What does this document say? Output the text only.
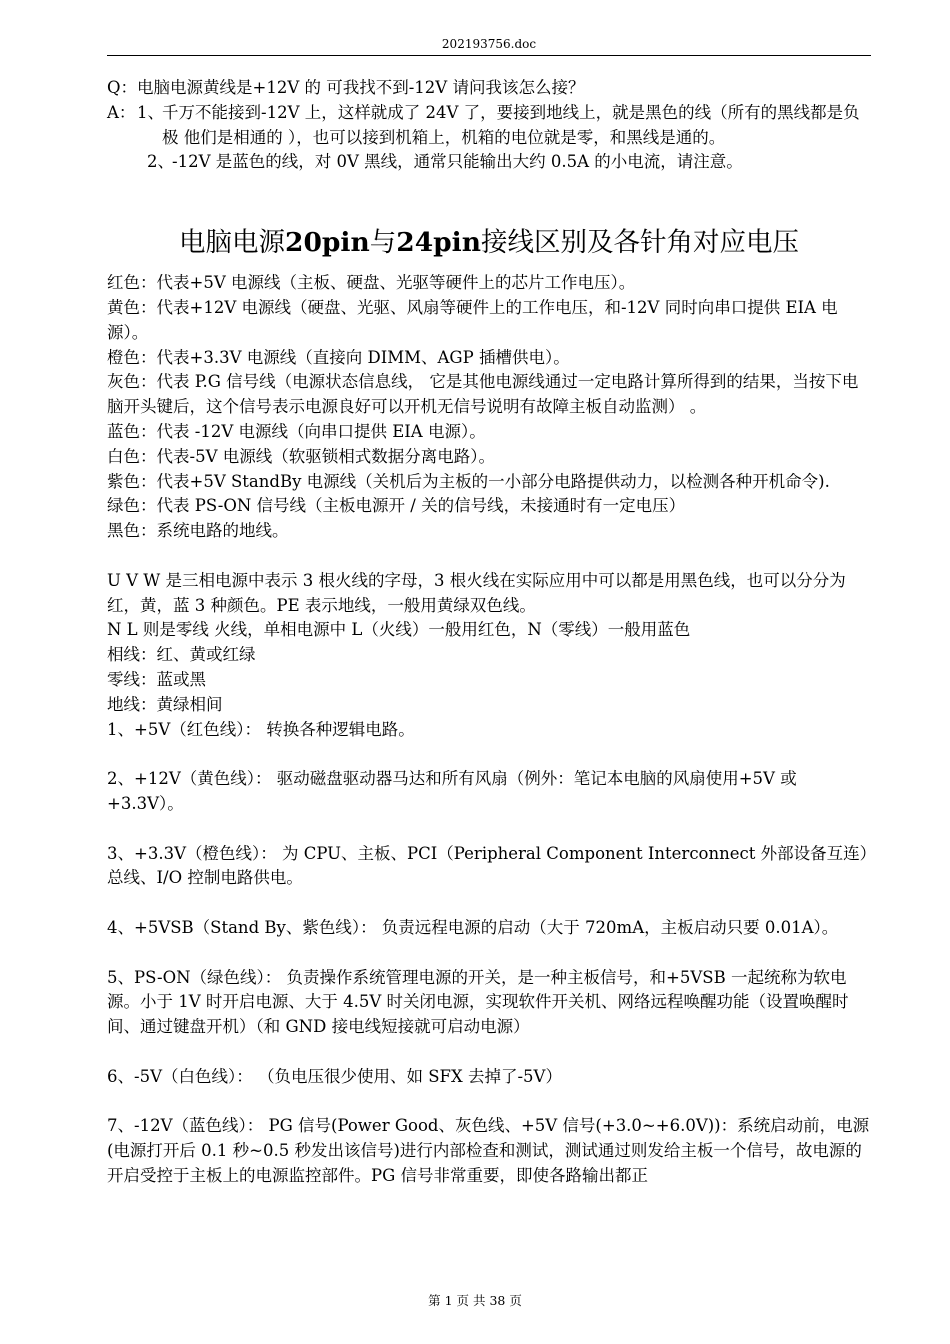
202193756.doc

Q： 电脑电源黄线是+12V 的 可我找不到-12V 请问我该怎么接？

A： 1、

千万不能接到-12V 上，这样就成了 24V 了，要接到地线上，就是黑色的线（所有的黑线都是负极 他们是相通的 ），也可以接到机箱上，机箱的电位就是零，和黑线是通的。

2、

-12V 是蓝色的线，对 0V 黑线，通常只能输出大约 0.5A 的小电流，请注意。

电脑电源20pin与24pin接线区别及各针角对应电压

红色：代表+5V 电源线（主板、硬盘、光驱等硬件上的芯片工作电压）。

黄色：代表+12V 电源线（硬盘、光驱、风扇等硬件上的工作电压，和-12V 同时向串口提供 EIA 电源）。

橙色：代表+3.3V 电源线（直接向 DIMM、AGP 插槽供电）。

灰色：代表 P.G 信号线（电源状态信息线， 它是其他电源线通过一定电路计算所得到的结果，当按下电脑开头键后，这个信号表示电源良好可以开机无信号说明有故障主板自动监测） 。

蓝色：代表 -12V 电源线（向串口提供 EIA 电源）。

白色：代表-5V 电源线（软驱锁相式数据分离电路）。

紫色：代表+5V StandBy 电源线（关机后为主板的一小部分电路提供动力，以检测各种开机命令).

绿色：代表 PS-ON 信号线（主板电源开 / 关的信号线，未接通时有一定电压）

黑色：系统电路的地线。

U V W 是三相电源中表示 3 根火线的字母，3 根火线在实际应用中可以都是用黑色线，也可以分分为红，黄，蓝 3 种颜色。PE 表示地线，一般用黄绿双色线。

N L 则是零线 火线，单相电源中 L（火线）一般用红色，N（零线）一般用蓝色

相线：红、黄或红绿

零线：蓝或黑

地线：黄绿相间

1、+5V（红色线）： 转换各种逻辑电路。

2、+12V（黄色线）： 驱动磁盘驱动器马达和所有风扇（例外：笔记本电脑的风扇使用+5V 或+3.3V）。

3、+3.3V（橙色线）： 为 CPU、主板、PCI（Peripheral Component Interconnect 外部设备互连）总线、I/O 控制电路供电。

4、+5VSB（Stand By、紫色线）： 负责远程电源的启动（大于 720mA，主板启动只要 0.01A）。

5、PS-ON（绿色线）： 负责操作系统管理电源的开关，是一种主板信号，和+5VSB 一起统称为软电源。小于 1V 时开启电源、大于 4.5V 时关闭电源，实现软件开关机、网络远程唤醒功能（设置唤醒时间、通过键盘开机）（和 GND 接电线短接就可启动电源）

6、-5V（白色线）： （负电压很少使用、如 SFX 去掉了-5V）

7、-12V（蓝色线）： PG 信号(Power Good、灰色线、+5V 信号(+3.0~+6.0V))：系统启动前，电源(电源打开后 0.1 秒~0.5 秒发出该信号)进行内部检查和测试，测试通过则发给主板一个信号，故电源的开启受控于主板上的电源监控部件。PG 信号非常重要，即使各路输出都正

第 1 页 共 38 页
